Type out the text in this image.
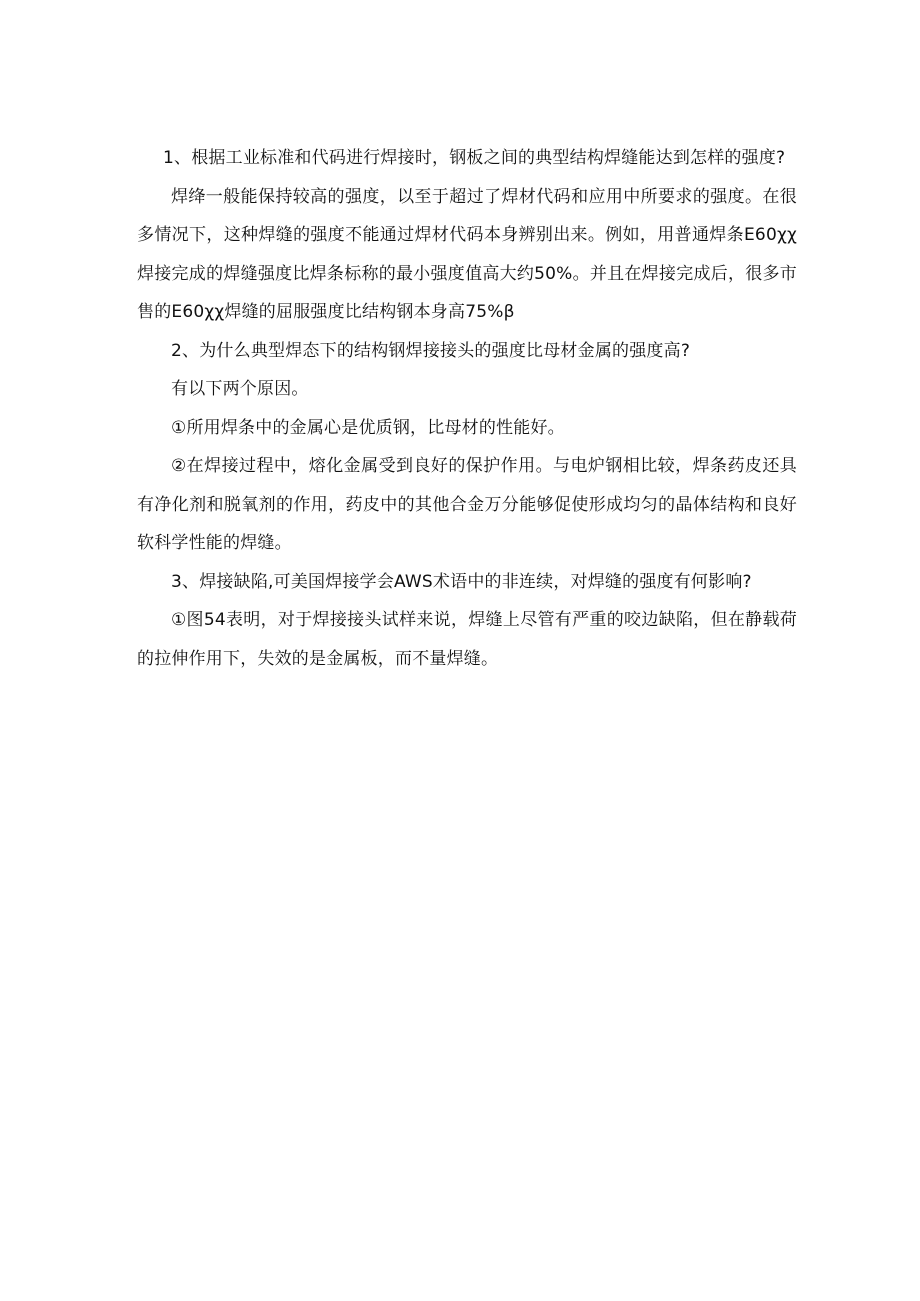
1、根据工业标准和代码进行焊接时，钢板之间的典型结构焊缝能达到怎样的强度?

焊绛一般能保持较高的强度，以至于超过了焊材代码和应用中所要求的强度。在很多情况下，这种焊缝的强度不能通过焊材代码本身辨别出来。例如，用普通焊条E60χχ焊接完成的焊缝强度比焊条标称的最小强度值高大约50%。并且在焊接完成后，很多市售的E60χχ焊缝的屈服强度比结构钢本身高75%β

2、为什么典型焊态下的结构钢焊接接头的强度比母材金属的强度高?

有以下两个原因。

①所用焊条中的金属心是优质钢，比母材的性能好。

②在焊接过程中，熔化金属受到良好的保护作用。与电炉钢相比较，焊条药皮还具有净化剂和脱氧剂的作用，药皮中的其他合金万分能够促使形成均匀的晶体结构和良好软科学性能的焊缝。

3、焊接缺陷,可美国焊接学会AWS术语中的非连续，对焊缝的强度有何影响?

①图54表明，对于焊接接头试样来说，焊缝上尽管有严重的咬边缺陷，但在静载荷的拉伸作用下，失效的是金属板，而不量焊缝。
